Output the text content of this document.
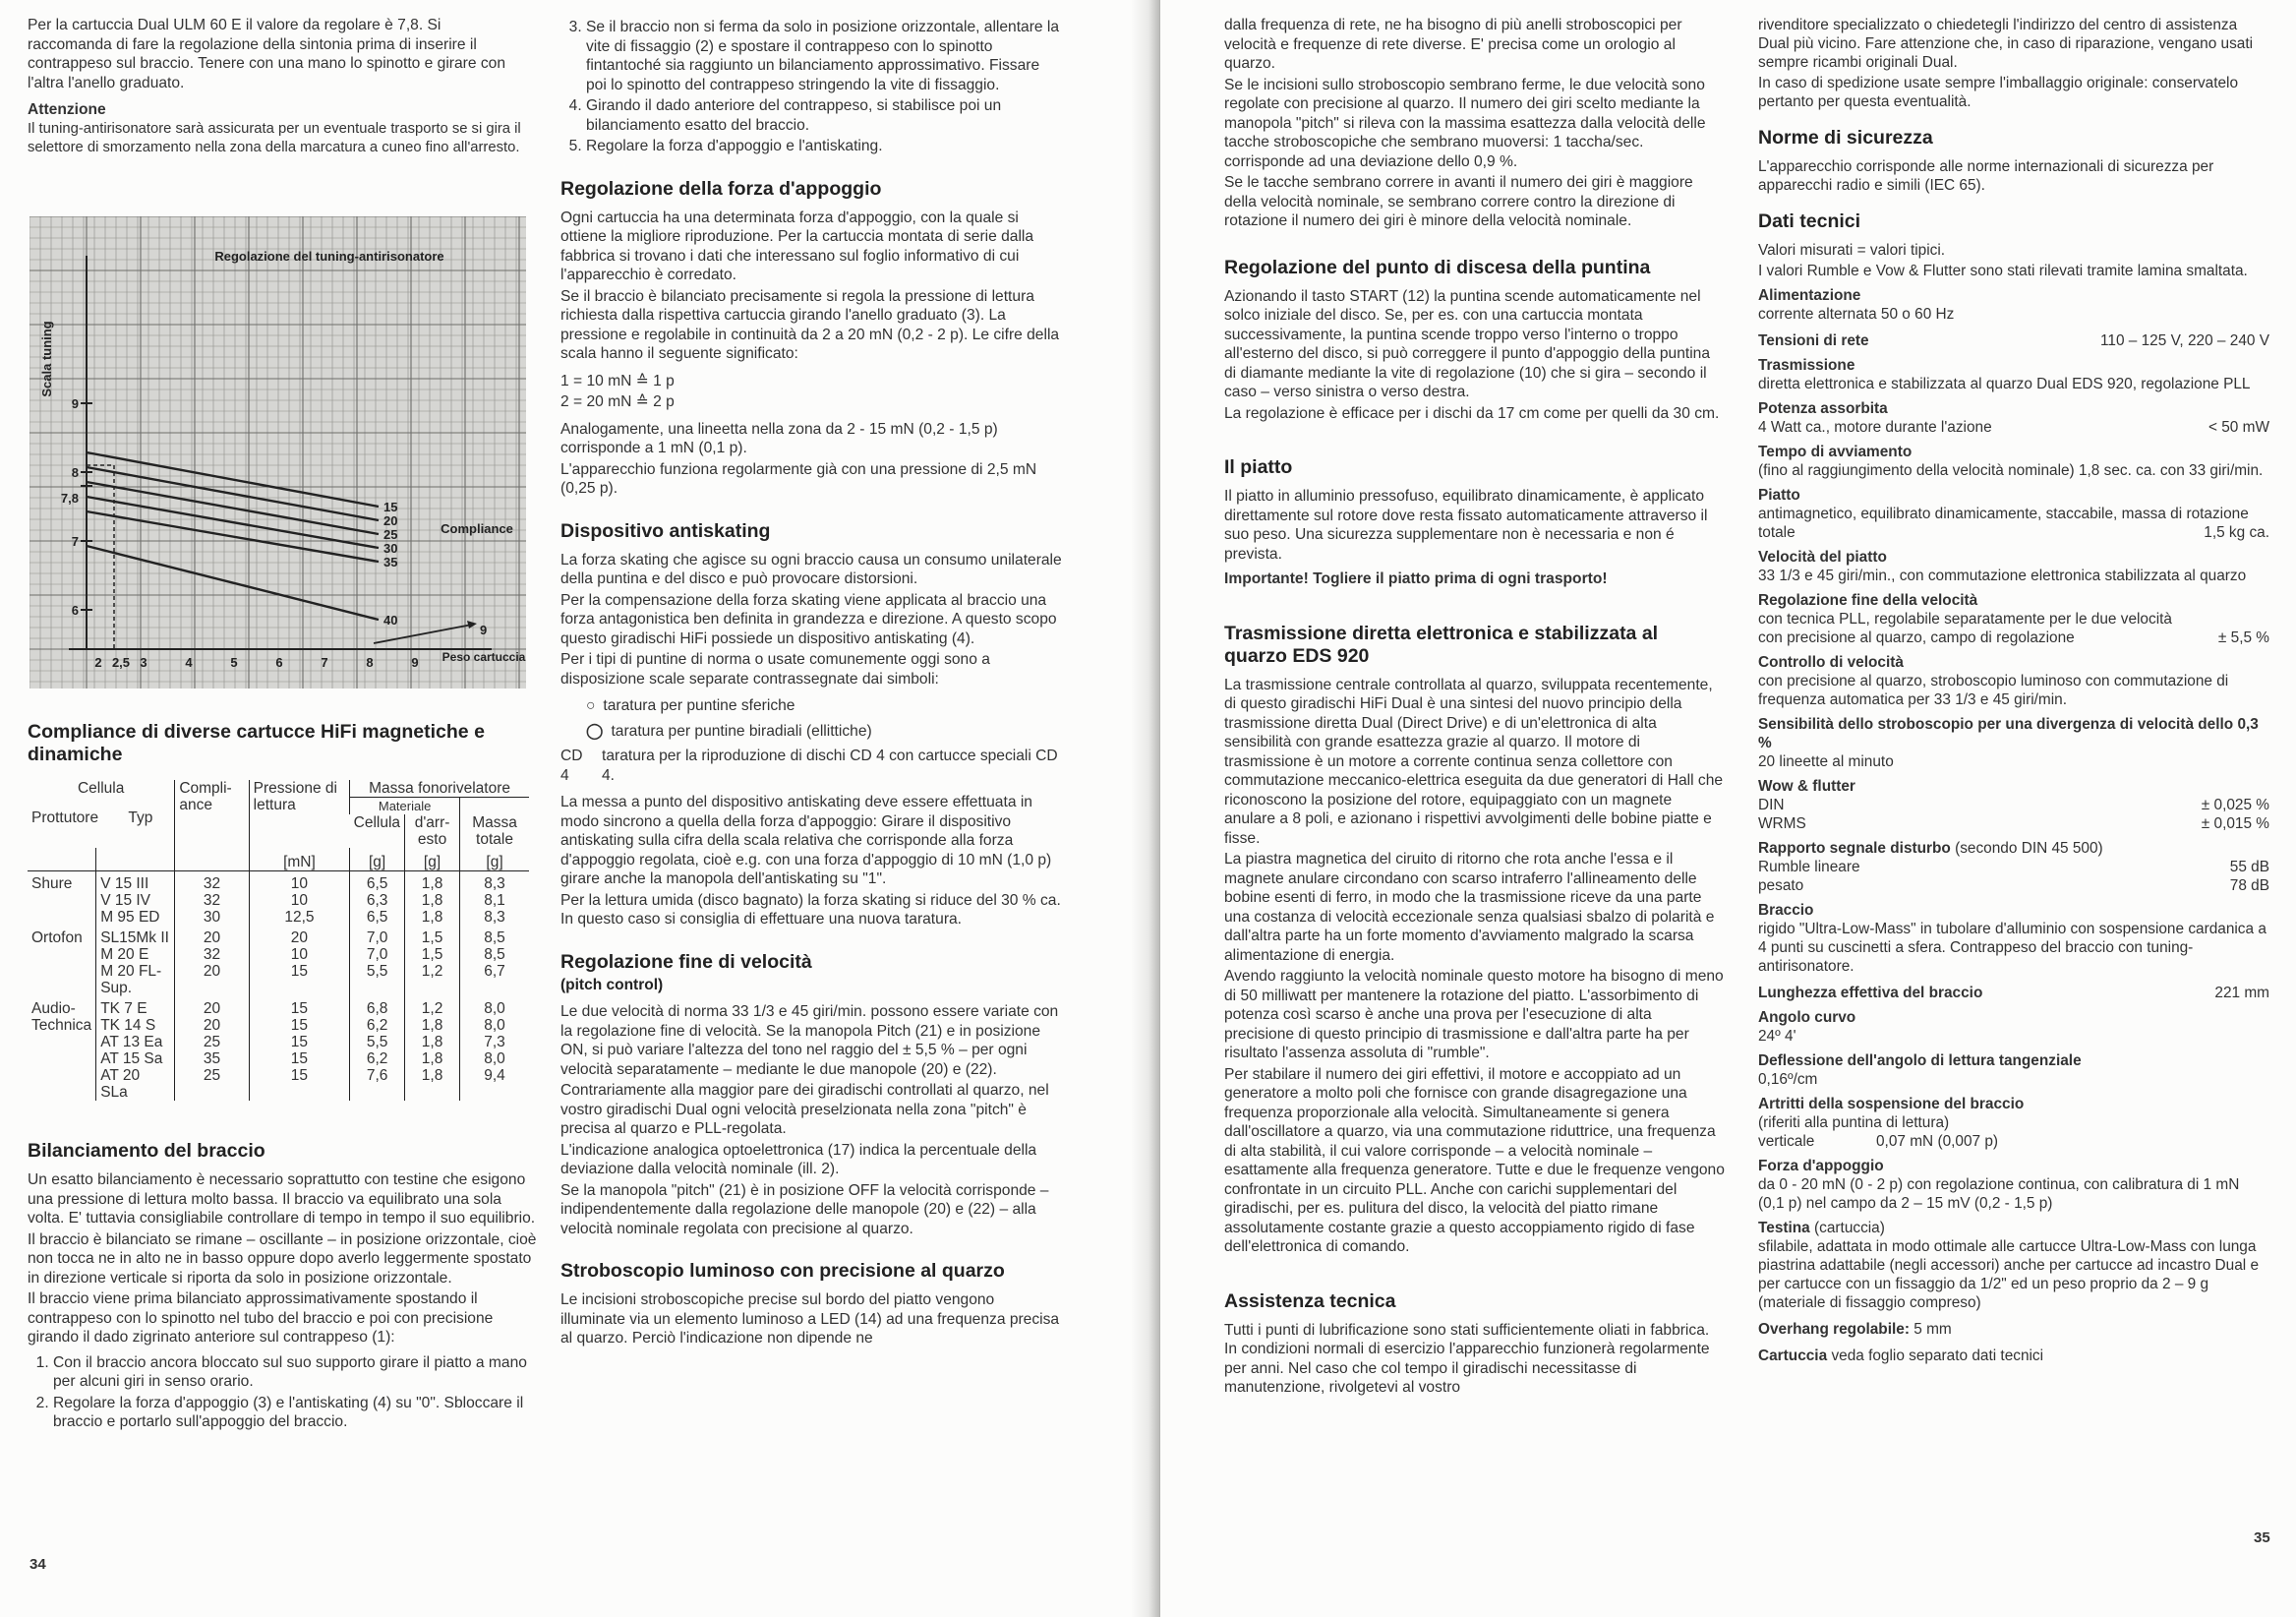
Per la cartuccia Dual ULM 60 E il valore da regolare è 7,8. Si raccomanda di fare la regolazione della sintonia prima di inserire il contrappeso sul braccio. Tenere con una mano lo spinotto e girare con l'altra l'anello graduato.

Attenzione

Il tuning-antirisonatore sarà assicurata per un eventuale trasporto se si gira il selettore di smorzamento nella zona della marcatura a cuneo fino all'arresto.

Regolazione del tuning-antirisonatore
Scala tuning
Peso cartuccia
Compliance
9
8
7,8
7
6
2 2,5 3	4	5	6	7	8	9
15
20
25
30
35
40
9
Compliance di diverse cartucce HiFi magnetiche e dinamiche
Cellula		Compli-ance	Pressione di lettura	Massa fonorivelatore		
Prottutore Typ				Materiale		
				Cellula	d'arr-esto	Massa totale
			[mN]	[g]	[g]	[g]
Shure	V 15 III	32	10	6,5	1,8	8,3
	V 15 IV	32	10	6,3	1,8	8,1
	M 95 ED	30	12,5	6,5	1,8	8,3
Ortofon	SL15Mk II	20	20	7,0	1,5	8,5
	M 20 E	32	10	7,0	1,5	8,5
	M 20 FL-Sup.	20	15	5,5	1,2	6,7
Audio-	TK 7 E	20	15	6,8	1,2	8,0
Technica	TK 14 S	20	15	6,2	1,8	8,0
	AT 13 Ea	25	15	5,5	1,8	7,3
	AT 15 Sa	35	15	6,2	1,8	8,0
	AT 20 SLa	25	15	7,6	1,8	9,4
Bilanciamento del braccio

Un esatto bilanciamento è necessario soprattutto con testine che esigono una pressione di lettura molto bassa. Il braccio va equilibrato una sola volta. E' tuttavia consigliabile controllare di tempo in tempo il suo equilibrio.

Il braccio è bilanciato se rimane – oscillante – in posizione orizzontale, cioè non tocca ne in alto ne in basso oppure dopo averlo leggermente spostato in direzione verticale si riporta da solo in posizione orizzontale.

Il braccio viene prima bilanciato approssimativamente spostando il contrappeso con lo spinotto nel tubo del braccio e poi con precisione girando il dado zigrinato anteriore sul contrappeso (1):

1. Con il braccio ancora bloccato sul suo supporto girare il piatto a mano per alcuni giri in senso orario.
2. Regolare la forza d'appoggio (3) e l'antiskating (4) su "0". Sbloccare il braccio e portarlo sull'appoggio del braccio.
34
3. Se il braccio non si ferma da solo in posizione orizzontale, allentare la vite di fissaggio (2) e spostare il contrappeso con lo spinotto fintantoché sia raggiunto un bilanciamento approssimativo. Fissare poi lo spinotto del contrappeso stringendo la vite di fissaggio.
4. Girando il dado anteriore del contrappeso, si stabilisce poi un bilanciamento esatto del braccio.
5. Regolare la forza d'appoggio e l'antiskating.
Regolazione della forza d'appoggio

Ogni cartuccia ha una determinata forza d'appoggio, con la quale si ottiene la migliore riproduzione. Per la cartuccia montata di serie dalla fabbrica si trovano i dati che interessano sul foglio informativo di cui l'apparecchio è corredato.

Se il braccio è bilanciato precisamente si regola la pressione di lettura richiesta dalla rispettiva cartuccia girando l'anello graduato (3). La pressione e regolabile in continuità da 2 a 20 mN (0,2 - 2 p). Le cifre della scala hanno il seguente significato:

1 = 10 mN ≙ 1 p

2 = 20 mN ≙ 2 p

Analogamente, una lineetta nella zona da 2 - 15 mN (0,2 - 1,5 p) corrisponde a 1 mN (0,1 p).

L'apparecchio funziona regolarmente già con una pressione di 2,5 mN (0,25 p).

Dispositivo antiskating

La forza skating che agisce su ogni braccio causa un consumo unilaterale della puntina e del disco e può provocare distorsioni.

Per la compensazione della forza skating viene applicata al braccio una forza antagonistica ben definita in grandezza e direzione. A questo scopo questo giradischi HiFi possiede un dispositivo antiskating (4).

Per i tipi di puntine di norma o usate comunemente oggi sono a disposizione scale separate contrassegnate dai simboli:

○ taratura per puntine sferiche

◯ taratura per puntine biradiali (ellittiche)

CD 4
taratura per la riproduzione di dischi CD 4 con cartucce speciali CD 4.

La messa a punto del dispositivo antiskating deve essere effettuata in modo sincrono a quella della forza d'appoggio: Girare il dispositivo antiskating sulla cifra della scala relativa che corrisponde alla forza d'appoggio regolata, cioè e.g. con una forza d'appoggio di 10 mN (1,0 p) girare anche la manopola dell'antiskating su "1".

Per la lettura umida (disco bagnato) la forza skating si riduce del 30 % ca. In questo caso si consiglia di effettuare una nuova taratura.

Regolazione fine di velocità
(pitch control)

Le due velocità di norma 33 1/3 e 45 giri/min. possono essere variate con la regolazione fine di velocità. Se la manopola Pitch (21) e in posizione ON, si può variare l'altezza del tono nel raggio del ± 5,5 % – per ogni velocità separatamente – mediante le due manopole (20) e (22).

Contrariamente alla maggior pare dei giradischi controllati al quarzo, nel vostro giradischi Dual ogni velocità preselzionata nella zona "pitch" è precisa al quarzo e PLL-regolata.

L'indicazione analogica optoelettronica (17) indica la percentuale della deviazione dalla velocità nominale (ill. 2).

Se la manopola "pitch" (21) è in posizione OFF la velocità corrisponde – indipendentemente dalla regolazione delle manopole (20) e (22) – alla velocità nominale regolata con precisione al quarzo.

Stroboscopio luminoso con precisione al quarzo

Le incisioni stroboscopiche precise sul bordo del piatto vengono illuminate via un elemento luminoso a LED (14) ad una frequenza precisa al quarzo. Perciò l'indicazione non dipende ne

dalla frequenza di rete, ne ha bisogno di più anelli stroboscopici per velocità e frequenze di rete diverse. E' precisa come un orologio al quarzo.

Se le incisioni sullo stroboscopio sembrano ferme, le due velocità sono regolate con precisione al quarzo. Il numero dei giri scelto mediante la manopola "pitch" si rileva con la massima esattezza dalla velocità delle tacche stroboscopiche che sembrano muoversi: 1 taccha/sec. corrisponde ad una deviazione dello 0,9 %.

Se le tacche sembrano correre in avanti il numero dei giri è maggiore della velocità nominale, se sembrano correre contro la direzione di rotazione il numero dei giri è minore della velocità nominale.

Regolazione del punto di discesa della puntina

Azionando il tasto START (12) la puntina scende automaticamente nel solco iniziale del disco. Se, per es. con una cartuccia montata successivamente, la puntina scende troppo verso l'interno o troppo all'esterno del disco, si può correggere il punto d'appoggio della puntina di diamante mediante la vite di regolazione (10) che si gira – secondo il caso – verso sinistra o verso destra.

La regolazione è efficace per i dischi da 17 cm come per quelli da 30 cm.

Il piatto

Il piatto in alluminio pressofuso, equilibrato dinamicamente, è applicato direttamente sul rotore dove resta fissato automaticamente attraverso il suo peso. Una sicurezza supplementare non è necessaria e non é prevista.

Importante! Togliere il piatto prima di ogni trasporto!

Trasmissione diretta elettronica e stabilizzata al quarzo EDS 920

La trasmissione centrale controllata al quarzo, sviluppata recentemente, di questo giradischi HiFi Dual è una sintesi del nuovo principio della trasmissione diretta Dual (Direct Drive) e di un'elettronica di alta sensibilità con grande esattezza grazie al quarzo. Il motore di trasmissione è un motore a corrente continua senza collettore con commutazione meccanico-elettrica eseguita da due generatori di Hall che riconoscono la posizione del rotore, equipaggiato con un magnete anulare a 8 poli, e azionano i rispettivi avvolgimenti delle bobine piatte e fisse.

La piastra magnetica del ciruito di ritorno che rota anche l'essa e il magnete anulare circondano con scarso intraferro l'allineamento delle bobine esenti di ferro, in modo che la trasmissione riceve da una parte una costanza di velocità eccezionale senza qualsiasi sbalzo di polarità e dall'altra parte ha un forte momento d'avviamento malgrado la scarsa alimentazione di energia.

Avendo raggiunto la velocità nominale questo motore ha bisogno di meno di 50 milliwatt per mantenere la rotazione del piatto. L'assorbimento di potenza così scarso è anche una prova per l'esecuzione di alta precisione di questo principio di trasmissione e dall'altra parte ha per risultato l'assenza assoluta di "rumble".

Per stabilare il numero dei giri effettivi, il motore e accoppiato ad un generatore a molto poli che fornisce con grande disagregazione una frequenza proporzionale alla velocità. Simultaneamente si genera dall'oscillatore a quarzo, via una commutazione riduttrice, una frequenza di alta stabilità, il cui valore corrisponde – a velocità nominale – esattamente alla frequenza generatore. Tutte e due le frequenze vengono confrontate in un circuito PLL. Anche con carichi supplementari del giradischi, per es. pulitura del disco, la velocità del piatto rimane assolutamente costante grazie a questo accoppiamento rigido di fase dell'elettronica di comando.

Assistenza tecnica

Tutti i punti di lubrificazione sono stati sufficientemente oliati in fabbrica. In condizioni normali di esercizio l'apparecchio funzionerà regolarmente per anni. Nel caso che col tempo il giradischi necessitasse di manutenzione, rivolgetevi al vostro

rivenditore specializzato o chiedetegli l'indirizzo del centro di assistenza Dual più vicino. Fare attenzione che, in caso di riparazione, vengano usati sempre ricambi originali Dual.

In caso di spedizione usate sempre l'imballaggio originale: conservatelo pertanto per questa eventualità.

Norme di sicurezza

L'apparecchio corrisponde alle norme internazionali di sicurezza per apparecchi radio e simili (IEC 65).

Dati tecnici

Valori misurati = valori tipici.

I valori Rumble e Vow & Flutter sono stati rilevati tramite lamina smaltata.

Alimentazione
corrente alternata 50 o 60 Hz
Tensioni di rete	110 – 125 V, 220 – 240 V
Trasmissione
diretta elettronica e stabilizzata al quarzo Dual EDS 920, regolazione PLL
Potenza assorbita
4 Watt ca., motore durante l'azione	< 50 mW
Tempo di avviamento
(fino al raggiungimento della velocità nominale) 1,8 sec. ca. con 33 giri/min.
Piatto
antimagnetico, equilibrato dinamicamente, staccabile, massa di rotazione totale	1,5 kg ca.
Velocità del piatto
33 1/3 e 45 giri/min., con commutazione elettronica stabilizzata al quarzo
Regolazione fine della velocità
con tecnica PLL, regolabile separatamente per le due velocità con precisione al quarzo, campo di regolazione	± 5,5 %
Controllo di velocità
con precisione al quarzo, stroboscopio luminoso con commutazione di frequenza automatica per 33 1/3 e 45 giri/min.
Sensibilità dello stroboscopio per una divergenza di velocità dello 0,3 %
20 lineette al minuto
Wow & flutter
DIN	± 0,025 %
WRMS	± 0,015 %
Rapporto segnale disturbo (secondo DIN 45 500)
Rumble lineare	55 dB
pesato	78 dB
Braccio
rigido "Ultra-Low-Mass" in tubolare d'alluminio con sospensione cardanica a 4 punti su cuscinetti a sfera. Contrappeso del braccio con tuning-antirisonatore.
Lunghezza effettiva del braccio	221 mm
Angolo curvo
24º 4'
Deflessione dell'angolo di lettura tangenziale
0,16º/cm
Artritti della sospensione del braccio
(riferiti alla puntina di lettura)
verticale	0,07 mN (0,007 p)
Forza d'appoggio
da 0 - 20 mN (0 - 2 p) con regolazione continua, con calibratura di 1 mN (0,1 p) nel campo da 2 – 15 mV (0,2 - 1,5 p)
Testina (cartuccia)
sfilabile, adattata in modo ottimale alle cartucce Ultra-Low-Mass con lunga piastrina adattabile (negli accessori) anche per cartucce ad incastro Dual e per cartucce con un fissaggio da 1/2" ed un peso proprio da 2 – 9 g (materiale di fissaggio compreso)
Overhang regolabile: 5 mm
Cartuccia veda foglio separato dati tecnici
35
